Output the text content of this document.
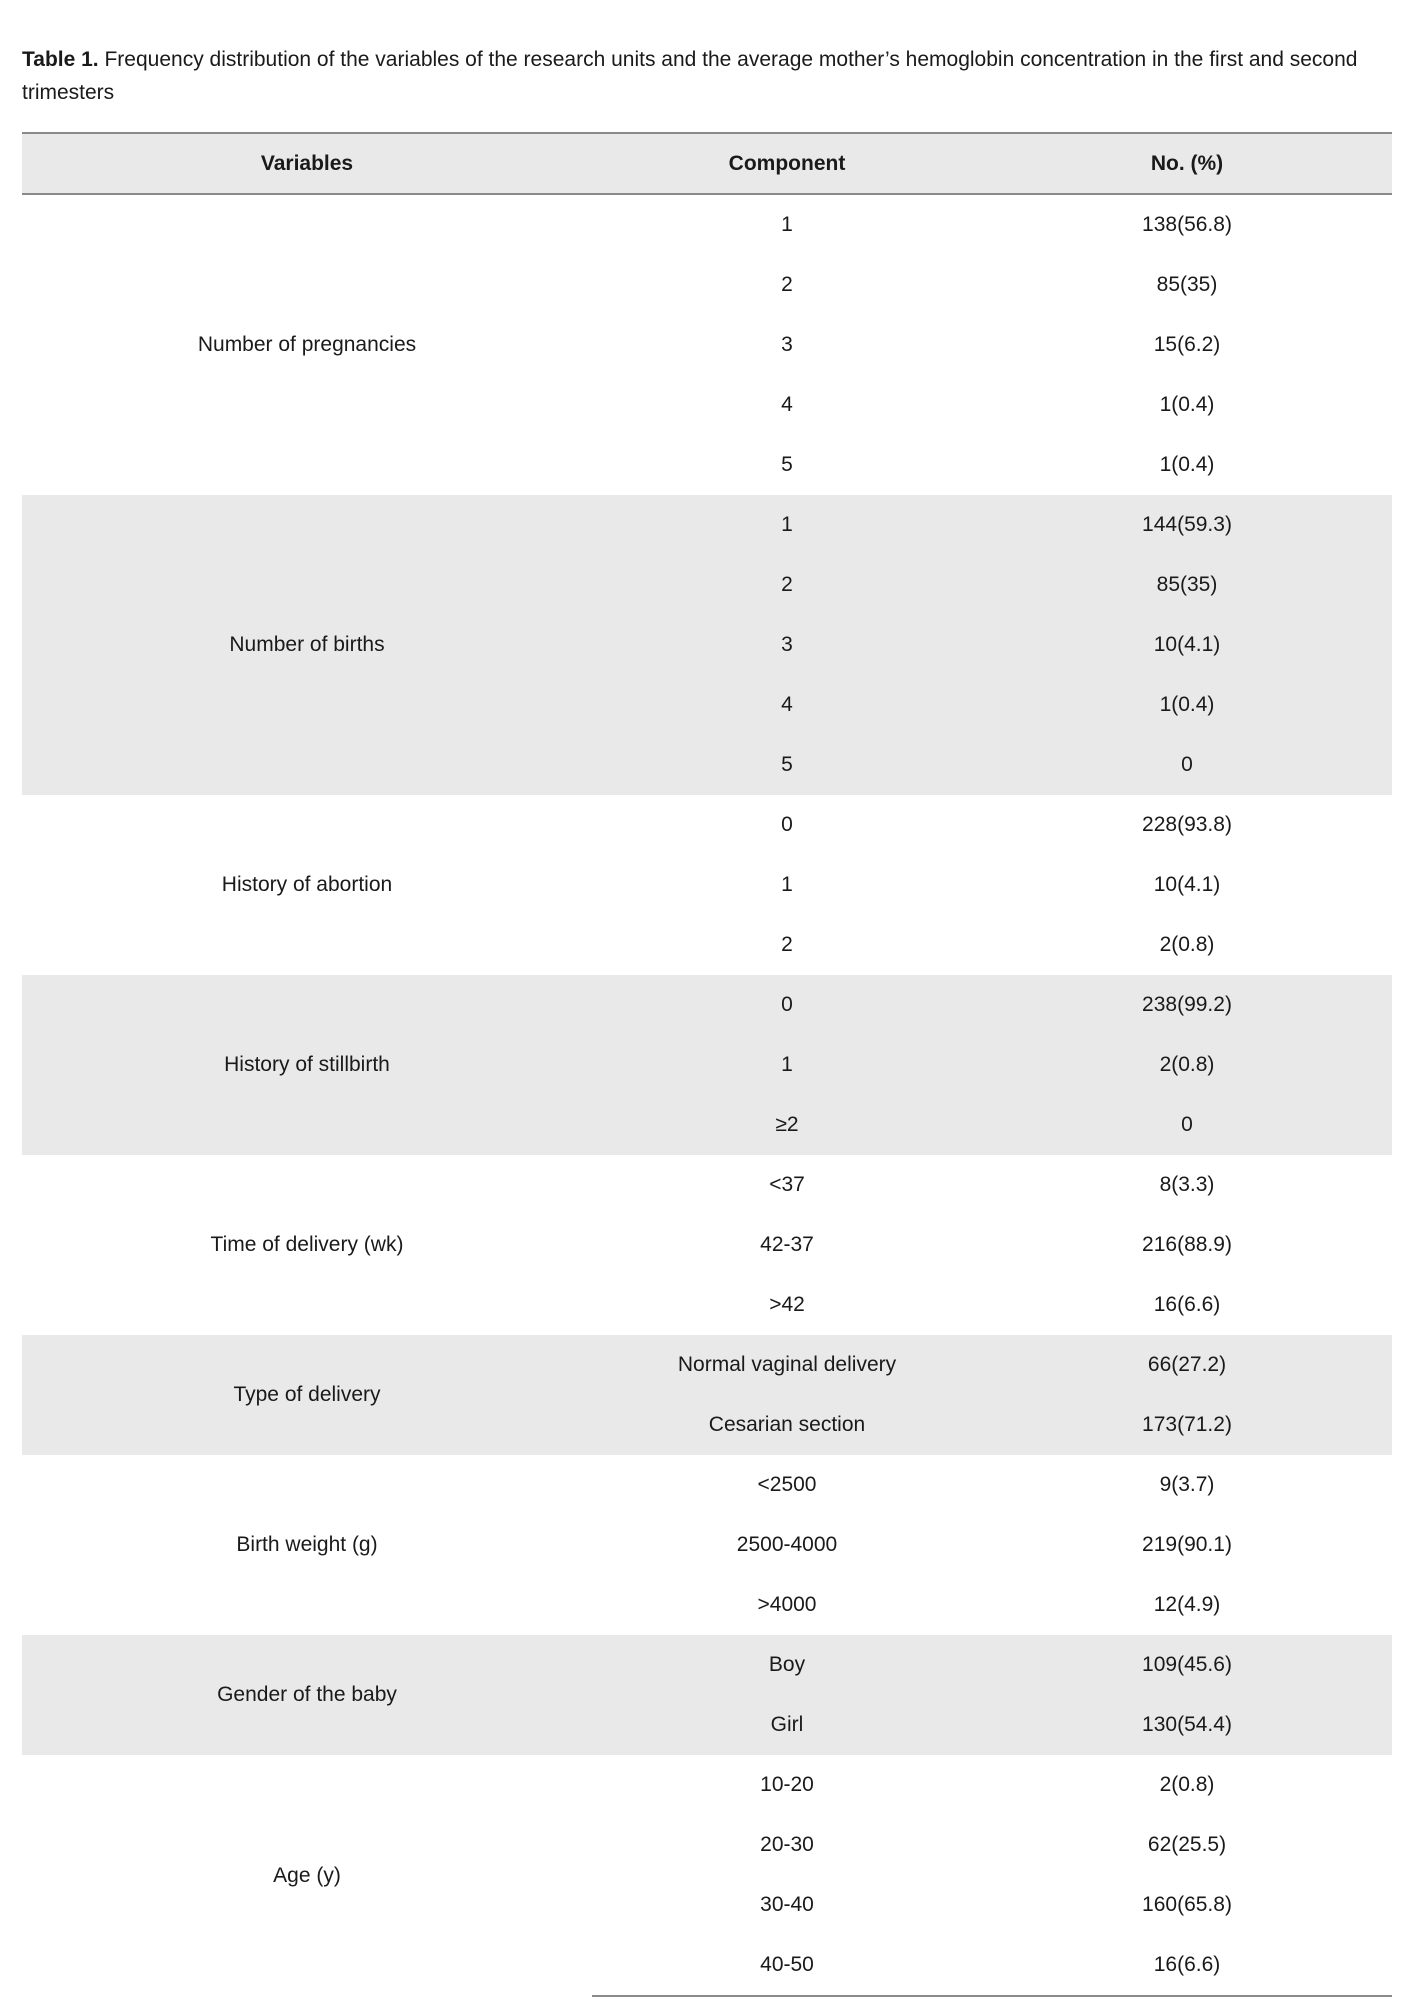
Table 1. Frequency distribution of the variables of the research units and the average mother’s hemoglobin concentration in the first and second trimesters
Variables	Component	No. (%)
Number of pregnancies	1	138(56.8)
	2	85(35)
	3	15(6.2)
	4	1(0.4)
	5	1(0.4)
Number of births	1	144(59.3)
	2	85(35)
	3	10(4.1)
	4	1(0.4)
	5	0
History of abortion	0	228(93.8)
	1	10(4.1)
	2	2(0.8)
History of stillbirth	0	238(99.2)
	1	2(0.8)
	≥2	0
Time of delivery (wk)	<37	8(3.3)
	42-37	216(88.9)
	>42	16(6.6)
Type of delivery	Normal vaginal delivery	66(27.2)
	Cesarian section	173(71.2)
Birth weight (g)	<2500	9(3.7)
	2500-4000	219(90.1)
	>4000	12(4.9)
Gender of the baby	Boy	109(45.6)
	Girl	130(54.4)
Age (y)	10-20	2(0.8)
	20-30	62(25.5)
	30-40	160(65.8)
	40-50	16(6.6)
